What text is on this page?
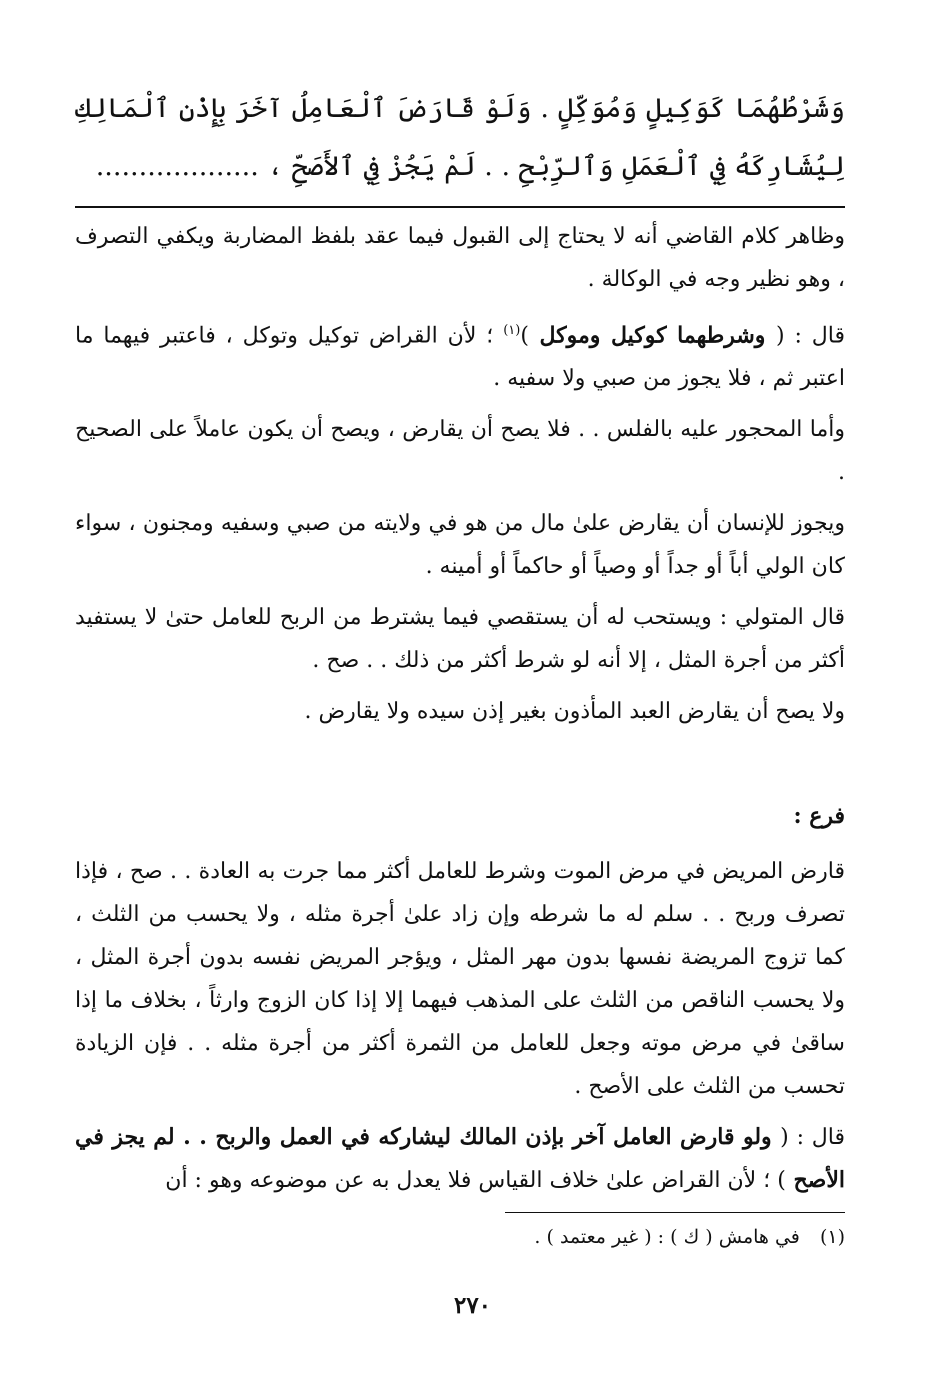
وَشَرْطُهُمَا كَوَكِيلٍ وَمُوَكِّلٍ . وَلَوْ قَارَضَ ٱلْعَامِلُ آخَرَ بِإِذْنِ ٱلْمَالِكِ لِيُشَارِكَهُ فِي ٱلْعَمَلِ وَٱلرِّبْحِ . . لَمْ يَجُزْ فِي ٱلأَصَحِّ ، ...................

وظاهر كلام القاضي أنه لا يحتاج إلى القبول فيما عقد بلفظ المضاربة ويكفي التصرف ، وهو نظير وجه في الوكالة .

قال : ( وشرطهما كوكيل وموكل )$^{(١)}$ ؛ لأن القراض توكيل وتوكل ، فاعتبر فيهما ما اعتبر ثم ، فلا يجوز من صبي ولا سفيه .

وأما المحجور عليه بالفلس . . فلا يصح أن يقارض ، ويصح أن يكون عاملاً على الصحيح .

ويجوز للإنسان أن يقارض علىٰ مال من هو في ولايته من صبي وسفيه ومجنون ، سواء كان الولي أباً أو جداً أو وصياً أو حاكماً أو أمينه .

قال المتولي : ويستحب له أن يستقصي فيما يشترط من الربح للعامل حتىٰ لا يستفيد أكثر من أجرة المثل ، إلا أنه لو شرط أكثر من ذلك . . صح .

ولا يصح أن يقارض العبد المأذون بغير إذن سيده ولا يقارض .

فرع :

قارض المريض في مرض الموت وشرط للعامل أكثر مما جرت به العادة . . صح ، فإذا تصرف وربح . . سلم له ما شرطه وإن زاد علىٰ أجرة مثله ، ولا يحسب من الثلث ، كما تزوج المريضة نفسها بدون مهر المثل ، ويؤجر المريض نفسه بدون أجرة المثل ، ولا يحسب الناقص من الثلث على المذهب فيهما إلا إذا كان الزوج وارثاً ، بخلاف ما إذا ساقىٰ في مرض موته وجعل للعامل من الثمرة أكثر من أجرة مثله . . فإن الزيادة تحسب من الثلث على الأصح .

قال : ( ولو قارض العامل آخر بإذن المالك ليشاركه في العمل والربح . . لم يجز في الأصح ) ؛ لأن القراض علىٰ خلاف القياس فلا يعدل به عن موضوعه وهو : أن

(١) في هامش ( ك ) : ( غير معتمد ) .
٢٧٠
